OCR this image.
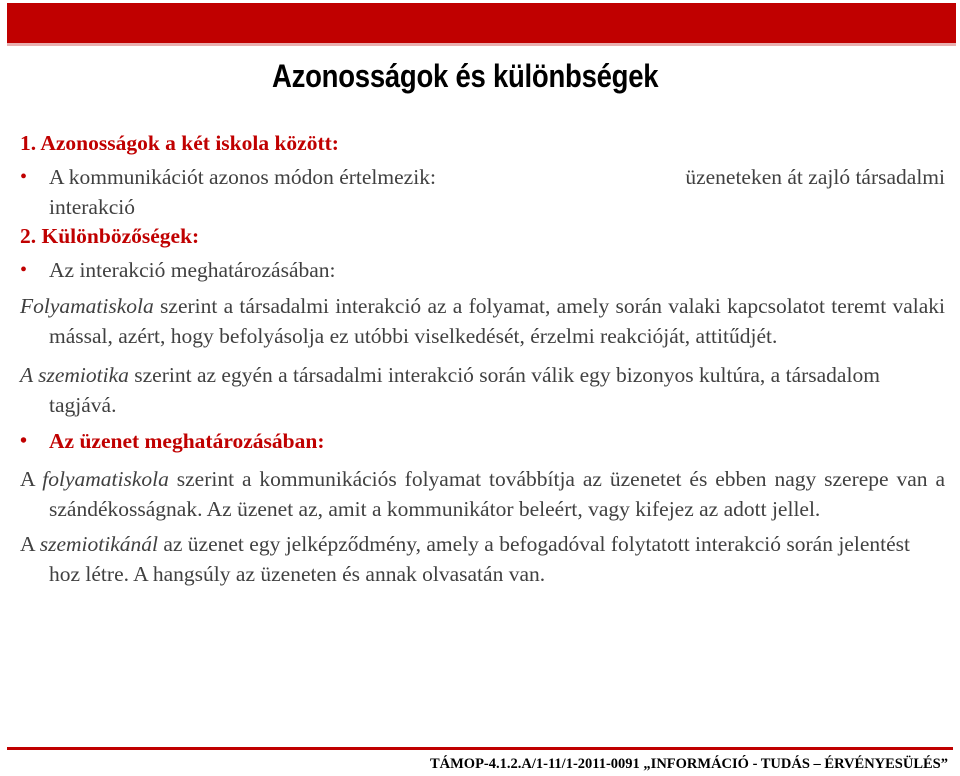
Azonosságok és különbségek

1. Azonosságok a két iskola között:

• A kommunikációt azonos módon értelmezik:	üzeneteken át zajló társadalmi
interakció

2. Különbözőségek:

• Az interakció meghatározásában:

Folyamatiskola szerint a társadalmi interakció az a folyamat, amely során valaki kapcsolatot teremt valaki mással, azért, hogy befolyásolja ez utóbbi viselkedését, érzelmi reakcióját, attitűdjét.

A szemiotika szerint az egyén a társadalmi interakció során válik egy bizonyos kultúra, a társadalom tagjává.

• Az üzenet meghatározásában:

A folyamatiskola szerint a kommunikációs folyamat továbbítja az üzenetet és ebben nagy szerepe van a szándékosságnak. Az üzenet az, amit a kommunikátor beleért, vagy kifejez az adott jellel.

A szemiotikánál az üzenet egy jelképződmény, amely a befogadóval folytatott interakció során jelentést hoz létre. A hangsúly az üzeneten és annak olvasatán van.

TÁMOP-4.1.2.A/1-11/1-2011-0091 „INFORMÁCIÓ - TUDÁS – ÉRVÉNYESÜLÉS”
